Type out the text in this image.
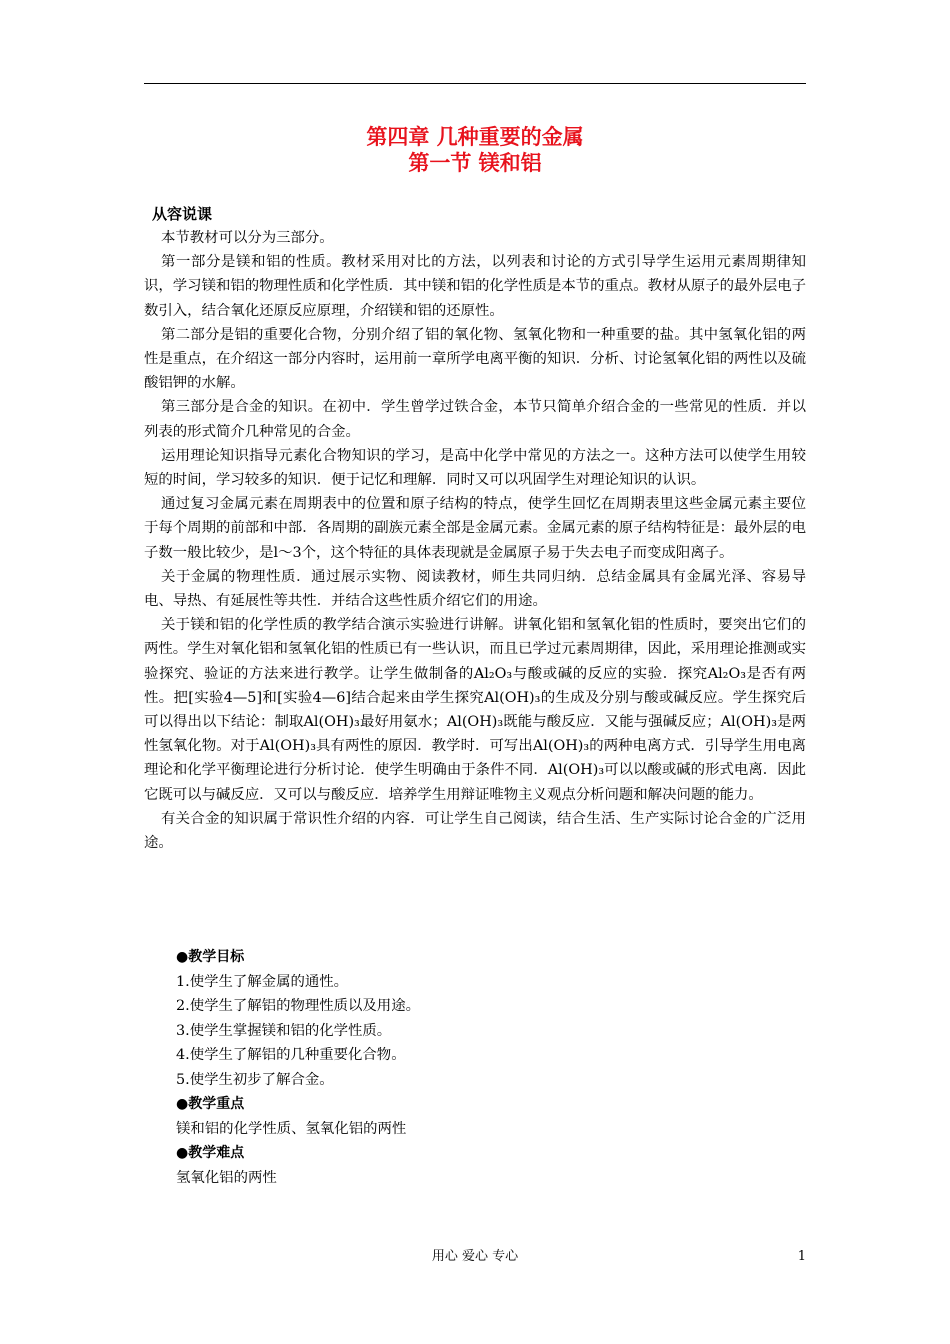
第四章 几种重要的金属
第一节 镁和铝
从容说课

本节教材可以分为三部分。

第一部分是镁和铝的性质。教材采用对比的方法，以列表和讨论的方式引导学生运用元素周期律知识，学习镁和铝的物理性质和化学性质．其中镁和铝的化学性质是本节的重点。教材从原子的最外层电子数引入，结合氧化还原反应原理，介绍镁和铝的还原性。

第二部分是铝的重要化合物，分别介绍了铝的氧化物、氢氧化物和一种重要的盐。其中氢氧化铝的两性是重点，在介绍这一部分内容时，运用前一章所学电离平衡的知识．分析、讨论氢氧化铝的两性以及硫酸铝钾的水解。

第三部分是合金的知识。在初中．学生曾学过铁合金，本节只简单介绍合金的一些常见的性质．并以列表的形式简介几种常见的合金。

运用理论知识指导元素化合物知识的学习，是高中化学中常见的方法之一。这种方法可以使学生用较短的时间，学习较多的知识．便于记忆和理解．同时又可以巩固学生对理论知识的认识。

通过复习金属元素在周期表中的位置和原子结构的特点，使学生回忆在周期表里这些金属元素主要位于每个周期的前部和中部．各周期的副族元素全部是金属元素。金属元素的原子结构特征是：最外层的电子数一般比较少，是l～3个，这个特征的具体表现就是金属原子易于失去电子而变成阳离子。

关于金属的物理性质．通过展示实物、阅读教材，师生共同归纳．总结金属具有金属光泽、容易导电、导热、有延展性等共性．并结合这些性质介绍它们的用途。

关于镁和铝的化学性质的教学结合演示实验进行讲解。讲氧化铝和氢氧化铝的性质时，要突出它们的两性。学生对氧化铝和氢氧化铝的性质已有一些认识，而且已学过元素周期律，因此，采用理论推测或实验探究、验证的方法来进行教学。让学生做制备的Al₂O₃与酸或碱的反应的实验．探究Al₂O₃是否有两性。把[实验4—5]和[实验4—6]结合起来由学生探究Al(OH)₃的生成及分别与酸或碱反应。学生探究后可以得出以下结论：制取Al(OH)₃最好用氨水；Al(OH)₃既能与酸反应．又能与强碱反应；Al(OH)₃是两性氢氧化物。对于Al(OH)₃具有两性的原因．教学时．可写出Al(OH)₃的两种电离方式．引导学生用电离理论和化学平衡理论进行分析讨论．使学生明确由于条件不同．Al(OH)₃可以以酸或碱的形式电离．因此它既可以与碱反应．又可以与酸反应．培养学生用辩证唯物主义观点分析问题和解决问题的能力。

有关合金的知识属于常识性介绍的内容．可让学生自己阅读，结合生活、生产实际讨论合金的广泛用途。

●教学目标
1.使学生了解金属的通性。
2.使学生了解铝的物理性质以及用途。
3.使学生掌握镁和铝的化学性质。
4.使学生了解铝的几种重要化合物。
5.使学生初步了解合金。
●教学重点
镁和铝的化学性质、氢氧化铝的两性
●教学难点
氢氧化铝的两性
用心 爱心 专心	1
